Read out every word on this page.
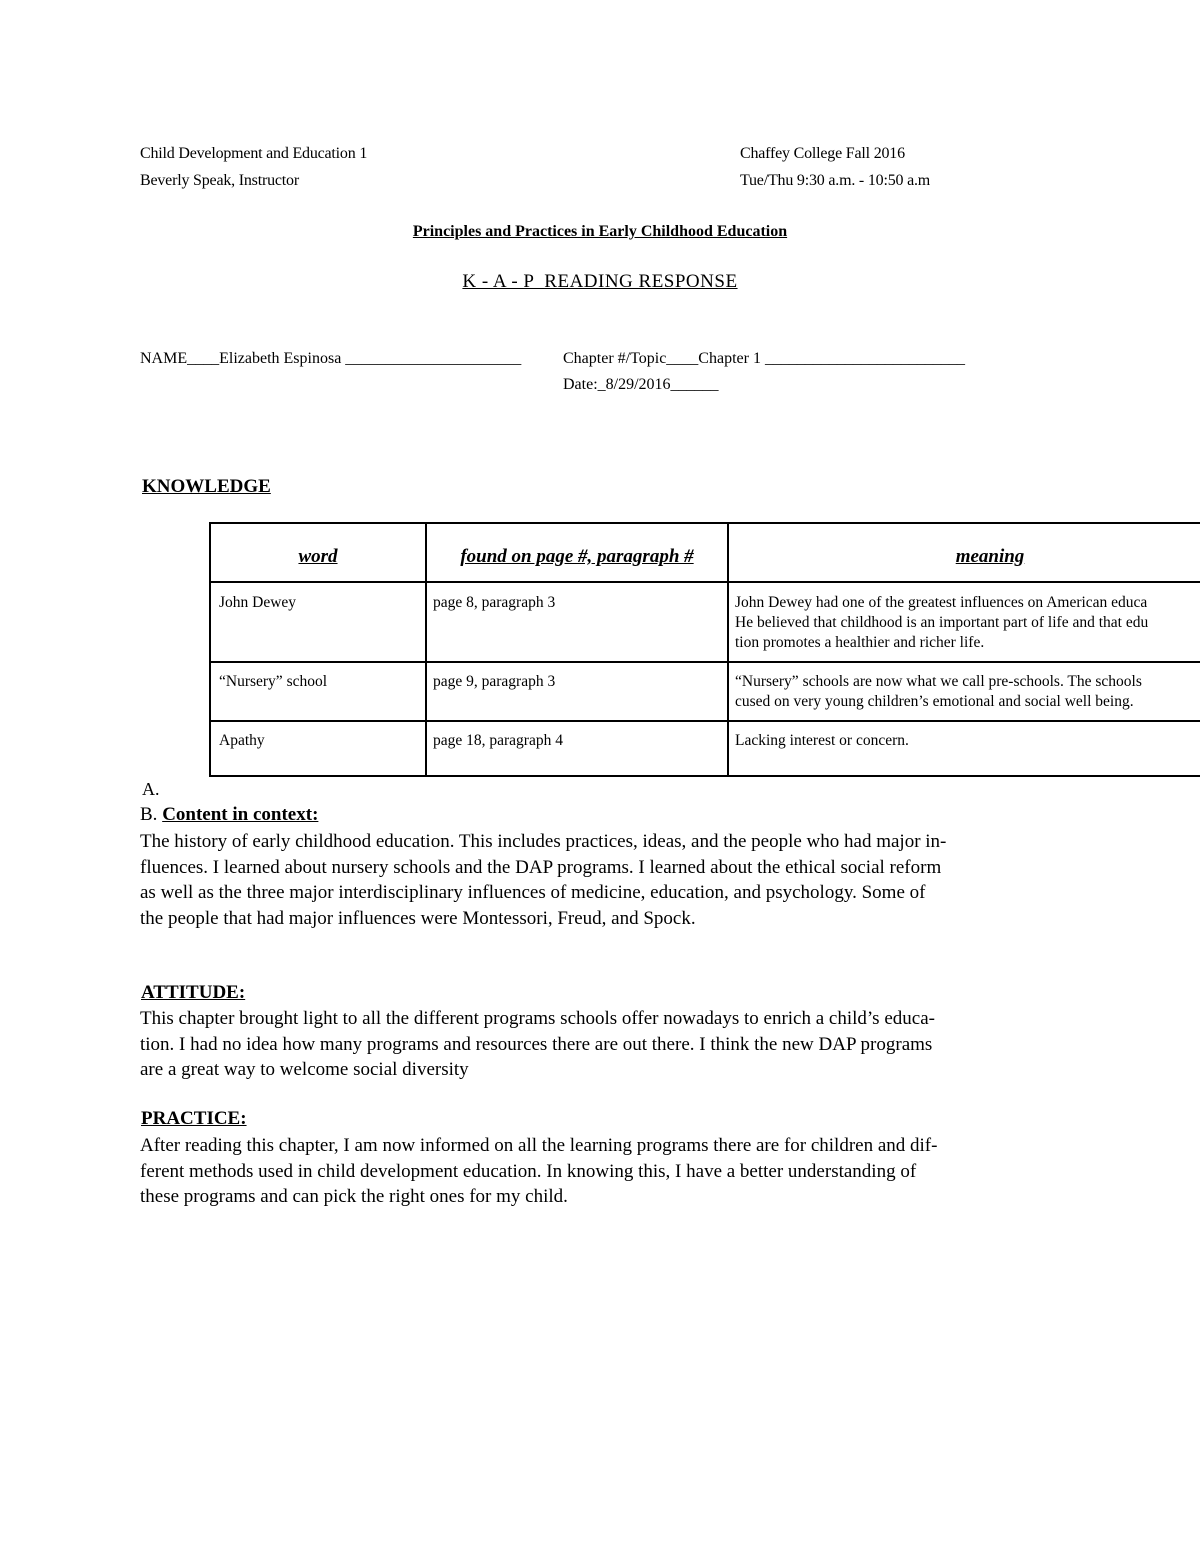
Child Development and Education 1	Chaffey College Fall 2016
Beverly Speak, Instructor	Tue/Thu 9:30 a.m. - 10:50 a.m
Principles and Practices in Early Childhood Education
K - A - P  READING RESPONSE
NAME____Elizabeth Espinosa ______________________	Chapter #/Topic____Chapter 1 _________________________
Date:_8/29/2016______
KNOWLEDGE
word	found on page #, paragraph #	meaning
John Dewey	page 8, paragraph 3	John Dewey had one of the greatest influences on American educa
He believed that childhood is an important part of life and that edu
tion promotes a healthier and richer life.
“Nursery” school	page 9, paragraph 3	“Nursery” schools are now what we call pre-schools. The schools
cused on very young children’s emotional and social well being.
Apathy	page 18, paragraph 4	Lacking interest or concern.
A.
B. Content in context:
The history of early childhood education. This includes practices, ideas, and the people who had major in-
fluences. I learned about nursery schools and the DAP programs. I learned about the ethical social reform
as well as the three major interdisciplinary influences of medicine, education, and psychology. Some of
the people that had major influences were Montessori, Freud, and Spock.
ATTITUDE:
This chapter brought light to all the different programs schools offer nowadays to enrich a child’s educa-
tion. I had no idea how many programs and resources there are out there. I think the new DAP programs
are a great way to welcome social diversity
PRACTICE:
After reading this chapter, I am now informed on all the learning programs there are for children and dif-
ferent methods used in child development education. In knowing this, I have a better understanding of
these programs and can pick the right ones for my child.
